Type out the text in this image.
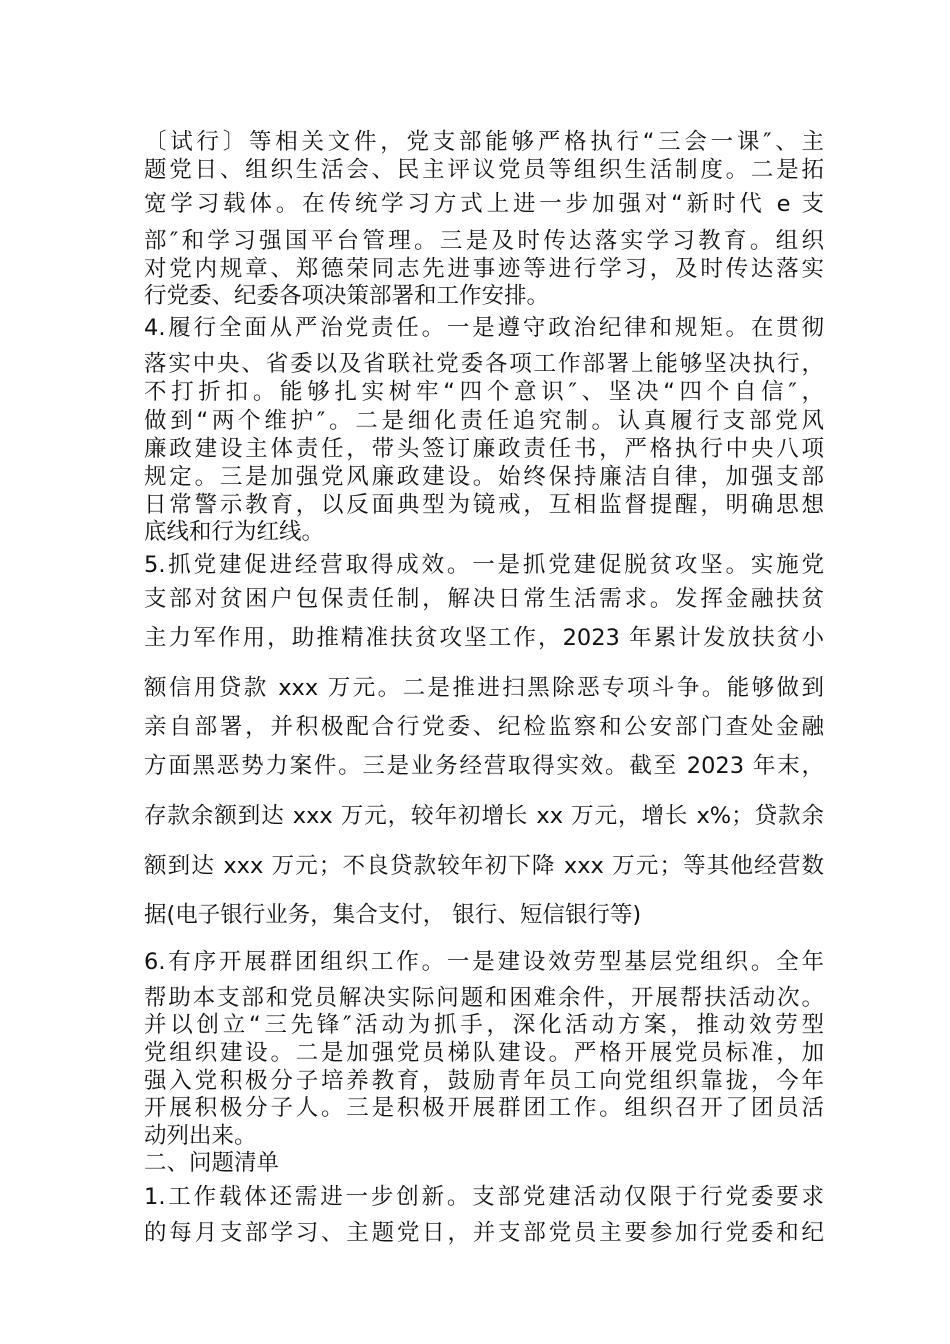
〔试行〕等相关文件，党支部能够严格执行“三会一课″、主
题党日、组织生活会、民主评议党员等组织生活制度。二是拓
宽学习载体。在传统学习方式上进一步加强对“新时代 e 支
部″和学习强国平台管理。三是及时传达落实学习教育。组织
对党内规章、郑德荣同志先进事迹等进行学习，及时传达落实
行党委、纪委各项决策部署和工作安排。
4.履行全面从严治党责任。一是遵守政治纪律和规矩。在贯彻
落实中央、省委以及省联社党委各项工作部署上能够坚决执行，
不打折扣。能够扎实树牢“四个意识″、坚决“四个自信″，
做到“两个维护″。二是细化责任追究制。认真履行支部党风
廉政建设主体责任，带头签订廉政责任书，严格执行中央八项
规定。三是加强党风廉政建设。始终保持廉洁自律，加强支部
日常警示教育，以反面典型为镜戒，互相监督提醒，明确思想
底线和行为红线。
5.抓党建促进经营取得成效。一是抓党建促脱贫攻坚。实施党
支部对贫困户包保责任制，解决日常生活需求。发挥金融扶贫
主力军作用，助推精准扶贫攻坚工作，2023 年累计发放扶贫小
额信用贷款 xxx 万元。二是推进扫黑除恶专项斗争。能够做到
亲自部署，并积极配合行党委、纪检监察和公安部门查处金融
方面黑恶势力案件。三是业务经营取得实效。截至 2023 年末，
存款余额到达 xxx 万元，较年初增长 xx 万元，增长 x%；贷款余
额到达 xxx 万元；不良贷款较年初下降 xxx 万元；等其他经营数
据(电子银行业务，集合支付， 银行、短信银行等)
6.有序开展群团组织工作。一是建设效劳型基层党组织。全年
帮助本支部和党员解决实际问题和困难余件，开展帮扶活动次。
并以创立“三先锋″活动为抓手，深化活动方案，推动效劳型
党组织建设。二是加强党员梯队建设。严格开展党员标准，加
强入党积极分子培养教育，鼓励青年员工向党组织靠拢，今年
开展积极分子人。三是积极开展群团工作。组织召开了团员活
动列出来。
二、问题清单
1.工作载体还需进一步创新。支部党建活动仅限于行党委要求
的每月支部学习、主题党日，并支部党员主要参加行党委和纪
